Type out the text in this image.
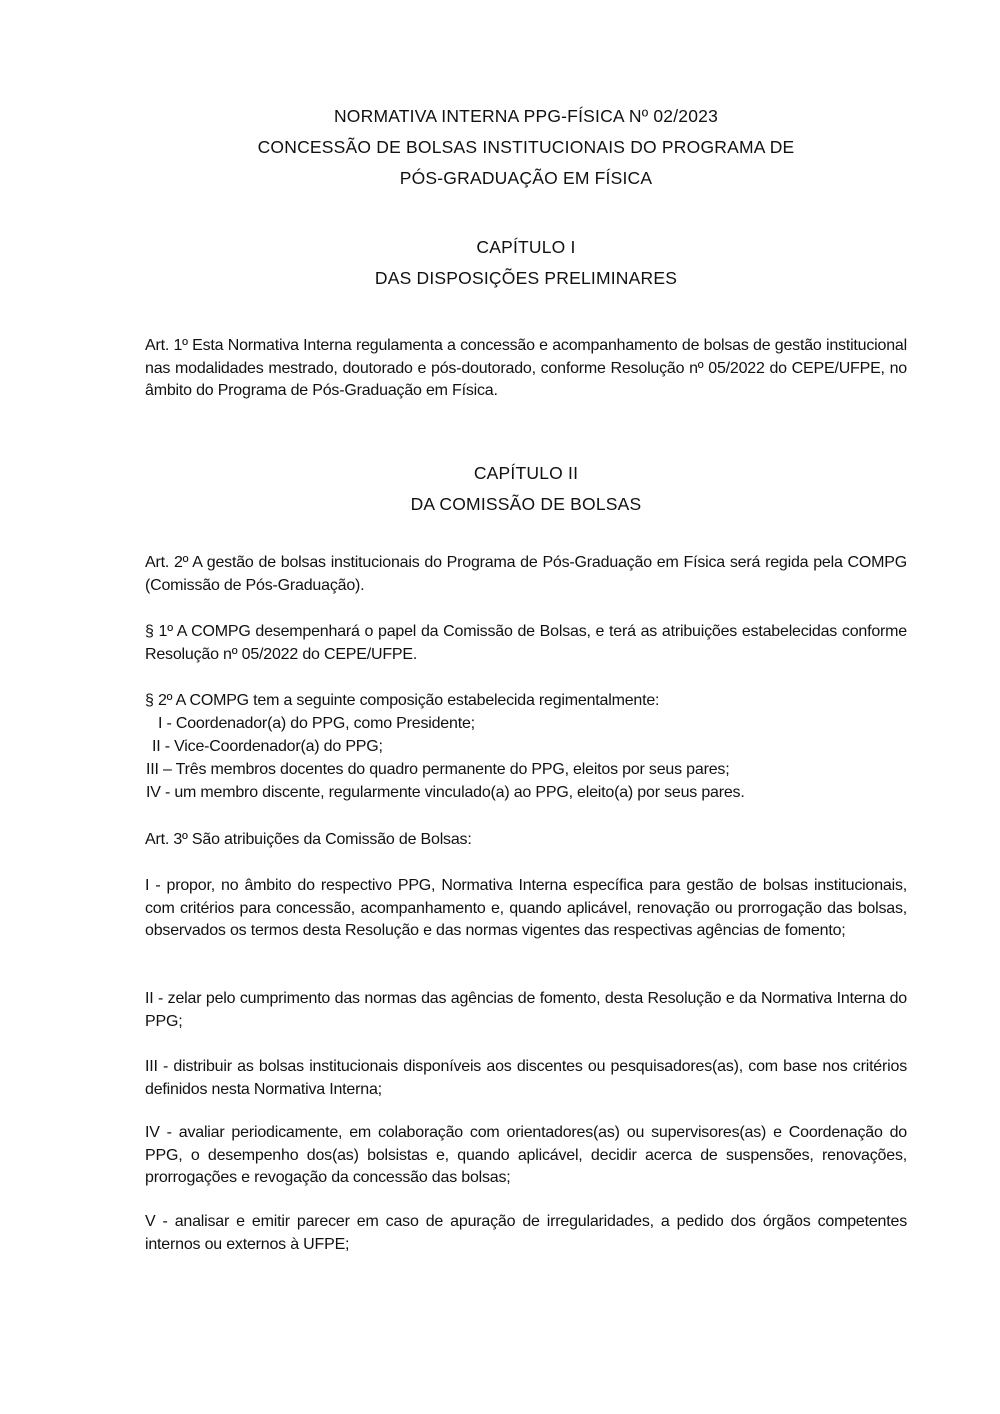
NORMATIVA INTERNA PPG-FÍSICA Nº 02/2023
CONCESSÃO DE BOLSAS INSTITUCIONAIS DO PROGRAMA DE
PÓS-GRADUAÇÃO EM FÍSICA
CAPÍTULO I
DAS DISPOSIÇÕES PRELIMINARES
Art. 1º Esta Normativa Interna regulamenta a concessão e acompanhamento de bolsas de gestão institucional nas modalidades mestrado, doutorado e pós-doutorado, conforme Resolução nº 05/2022 do CEPE/UFPE, no âmbito do Programa de Pós-Graduação em Física.
CAPÍTULO II
DA COMISSÃO DE BOLSAS
Art. 2º A gestão de bolsas institucionais do Programa de Pós-Graduação em Física será regida pela COMPG (Comissão de Pós-Graduação).
§ 1º A COMPG desempenhará o papel da Comissão de Bolsas, e terá as atribuições estabelecidas conforme Resolução nº 05/2022 do CEPE/UFPE.
§ 2º A COMPG tem a seguinte composição estabelecida regimentalmente:
I - Coordenador(a) do PPG, como Presidente;
II - Vice-Coordenador(a) do PPG;
III – Três membros docentes do quadro permanente do PPG, eleitos por seus pares;
IV - um membro discente, regularmente vinculado(a) ao PPG, eleito(a) por seus pares.
Art. 3º São atribuições da Comissão de Bolsas:
I - propor, no âmbito do respectivo PPG, Normativa Interna específica para gestão de bolsas institucionais, com critérios para concessão, acompanhamento e, quando aplicável, renovação ou prorrogação das bolsas, observados os termos desta Resolução e das normas vigentes das respectivas agências de fomento;
II - zelar pelo cumprimento das normas das agências de fomento, desta Resolução e da Normativa Interna do PPG;
III - distribuir as bolsas institucionais disponíveis aos discentes ou pesquisadores(as), com base nos critérios definidos nesta Normativa Interna;
IV - avaliar periodicamente, em colaboração com orientadores(as) ou supervisores(as) e Coordenação do PPG, o desempenho dos(as) bolsistas e, quando aplicável, decidir acerca de suspensões, renovações, prorrogações e revogação da concessão das bolsas;
V - analisar e emitir parecer em caso de apuração de irregularidades, a pedido dos órgãos competentes internos ou externos à UFPE;
